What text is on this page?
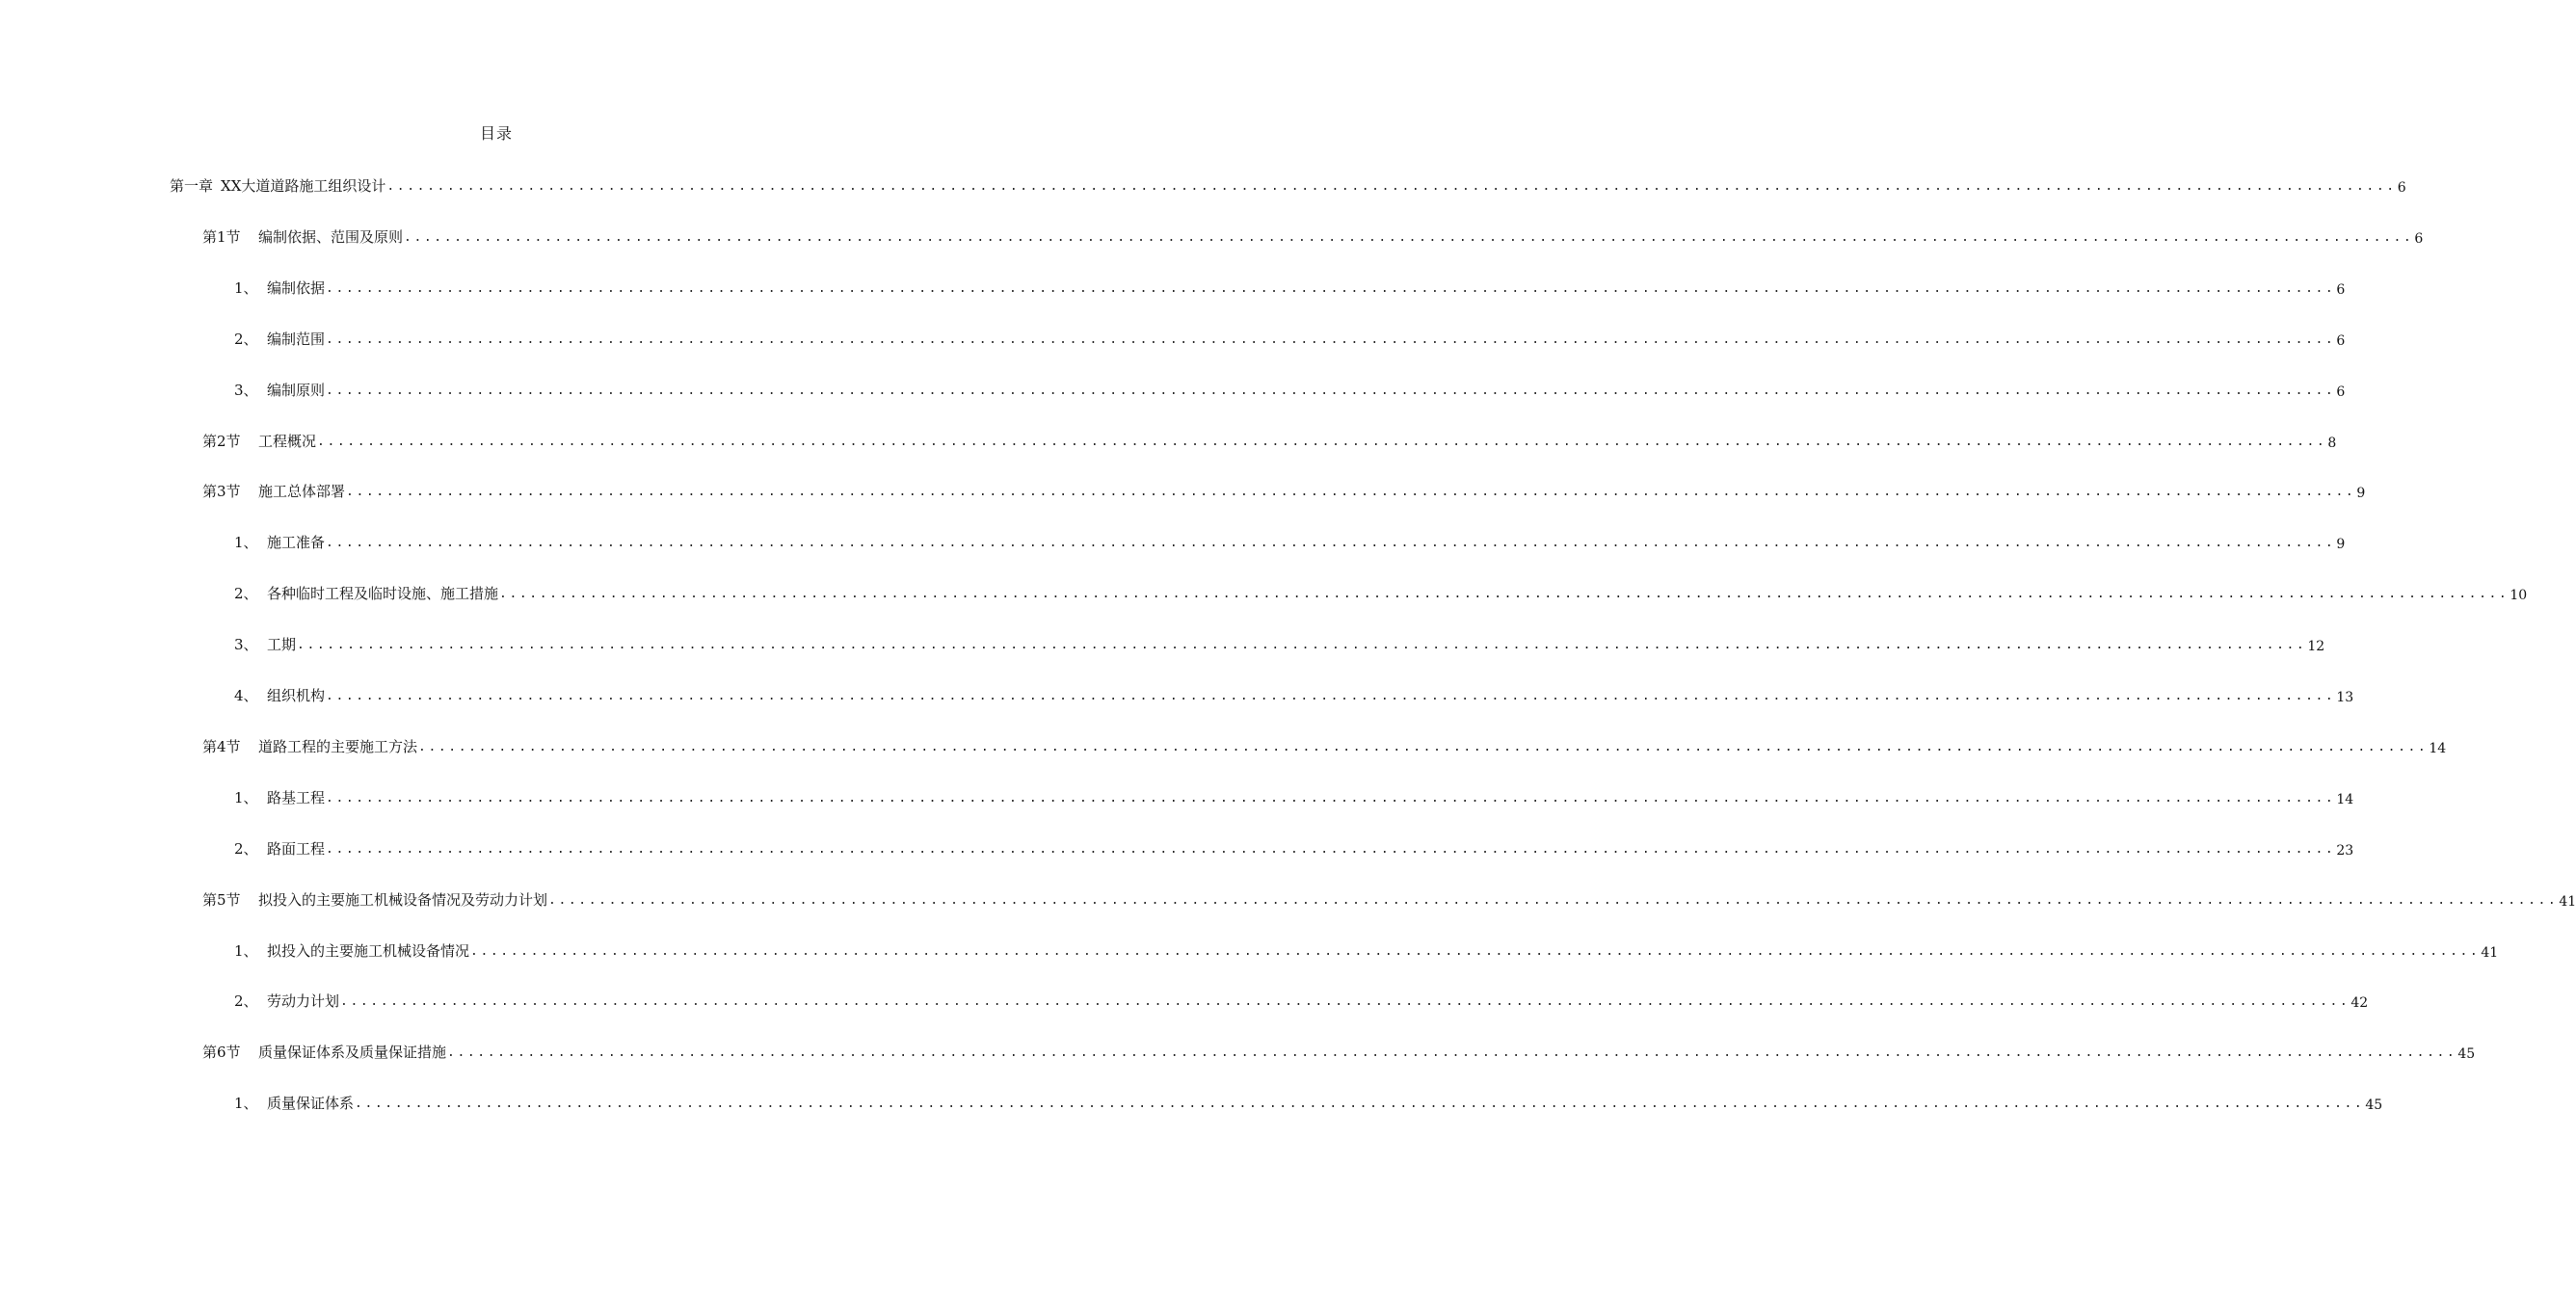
目录
第一章 XX大道道路施工组织设计 ........................................................................................................................................................................................................ 6
第1节	编制依据、范围及原则 ........................................................................................................................................................................................................ 6
1、 编制依据 ........................................................................................................................................................................................................ 6
2、 编制范围 ........................................................................................................................................................................................................ 6
3、 编制原则 ........................................................................................................................................................................................................ 6
第2节	工程概况 ........................................................................................................................................................................................................ 8
第3节	施工总体部署 ........................................................................................................................................................................................................ 9
1、 施工准备 ........................................................................................................................................................................................................ 9
2、 各种临时工程及临时设施、施工措施 ........................................................................................................................................................................................................ 10
3、 工期 ........................................................................................................................................................................................................ 12
4、 组织机构 ........................................................................................................................................................................................................ 13
第4节	道路工程的主要施工方法 ........................................................................................................................................................................................................ 14
1、 路基工程 ........................................................................................................................................................................................................ 14
2、 路面工程 ........................................................................................................................................................................................................ 23
第5节	拟投入的主要施工机械设备情况及劳动力计划 ........................................................................................................................................................................................................ 41
1、 拟投入的主要施工机械设备情况 ........................................................................................................................................................................................................ 41
2、 劳动力计划 ........................................................................................................................................................................................................ 42
第6节	质量保证体系及质量保证措施 ........................................................................................................................................................................................................ 45
1、 质量保证体系 ........................................................................................................................................................................................................ 45
